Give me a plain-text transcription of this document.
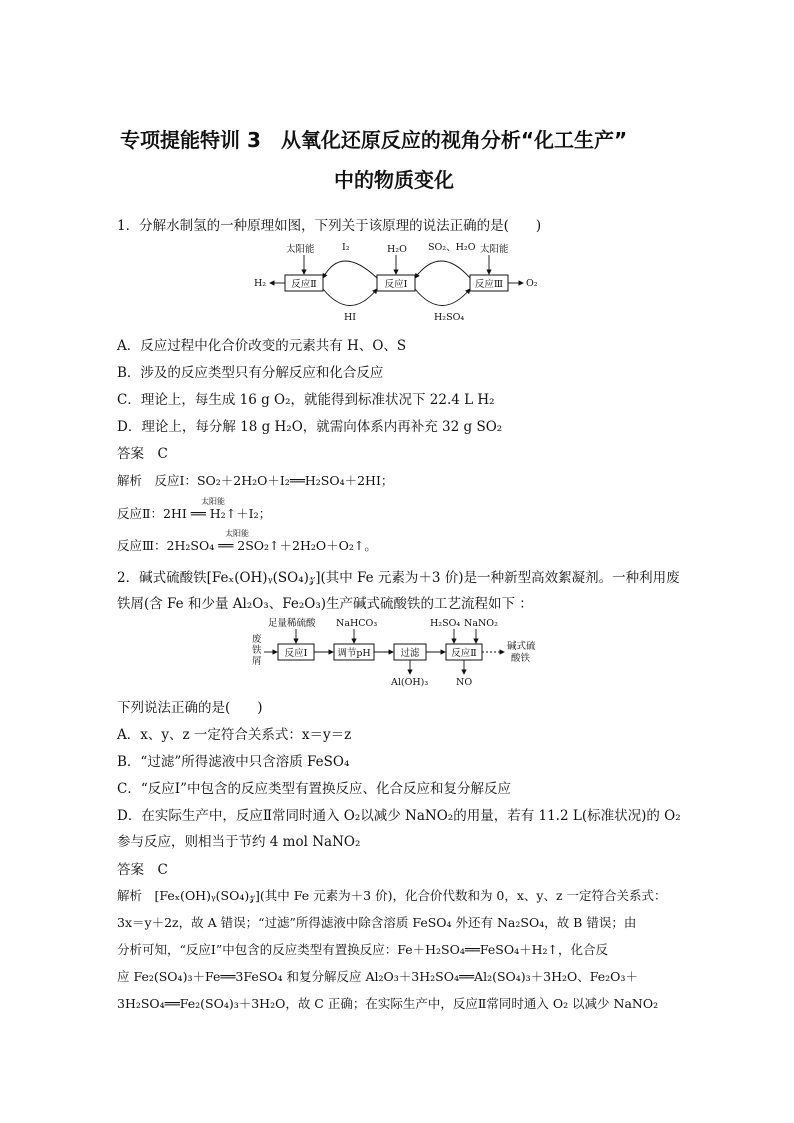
专项提能特训 3　从氧化还原反应的视角分析“化工生产”
中的物质变化
1．分解水制氢的一种原理如图，下列关于该原理的说法正确的是(　　)
反应Ⅱ	反应Ⅰ	反应Ⅲ
太阳能	太阳能
H₂O
I₂
HI
SO₂、H₂O
H₂SO₄
H₂	O₂
A．反应过程中化合价改变的元素共有 H、O、S
B．涉及的反应类型只有分解反应和化合反应
C．理论上，每生成 16 g O₂，就能得到标准状况下 22.4 L H₂
D．理论上，每分解 18 g H₂O，就需向体系内再补充 32 g SO₂
答案　C
解析　反应Ⅰ：SO₂＋2H₂O＋I₂══H₂SO₄＋2HI；
反应Ⅱ：2HI ══ H₂↑＋I₂；
太阳能
反应Ⅲ：2H₂SO₄ ══ 2SO₂↑＋2H₂O＋O₂↑。
太阳能
2．碱式硫酸铁[Feₓ(OH)ᵧ(SO₄)𝓏](其中 Fe 元素为＋3 价)是一种新型高效絮凝剂。一种利用废
铁屑(含 Fe 和少量 Al₂O₃、Fe₂O₃)生产碱式硫酸铁的工艺流程如下 ：
废
铁
屑
反应Ⅰ	调节pH	过滤	反应Ⅱ
碱式硫
酸铁
足量稀硫酸 NaHCO₃	H₂SO₄ NaNO₂
Al(OH)₃	NO
下列说法正确的是(　　)
A．x、y、z 一定符合关系式：x＝y＝z
B．“过滤”所得滤液中只含溶质 FeSO₄
C．“反应Ⅰ”中包含的反应类型有置换反应、化合反应和复分解反应
D．在实际生产中，反应Ⅱ常同时通入 O₂以减少 NaNO₂的用量，若有 11.2 L(标准状况)的 O₂
参与反应，则相当于节约 4 mol NaNO₂
答案　C
解析　[Feₓ(OH)ᵧ(SO₄)𝓏](其中 Fe 元素为＋3 价)，化合价代数和为 0，x、y、z 一定符合关系式：
3x＝y＋2z，故 A 错误；“过滤”所得滤液中除含溶质 FeSO₄ 外还有 Na₂SO₄，故 B 错误；由
分析可知，“反应Ⅰ”中包含的反应类型有置换反应：Fe＋H₂SO₄══FeSO₄＋H₂↑，化合反
应 Fe₂(SO₄)₃＋Fe══3FeSO₄ 和复分解反应 Al₂O₃＋3H₂SO₄══Al₂(SO₄)₃＋3H₂O、Fe₂O₃＋
3H₂SO₄══Fe₂(SO₄)₃＋3H₂O，故 C 正确；在实际生产中，反应Ⅱ常同时通入 O₂ 以减少 NaNO₂
